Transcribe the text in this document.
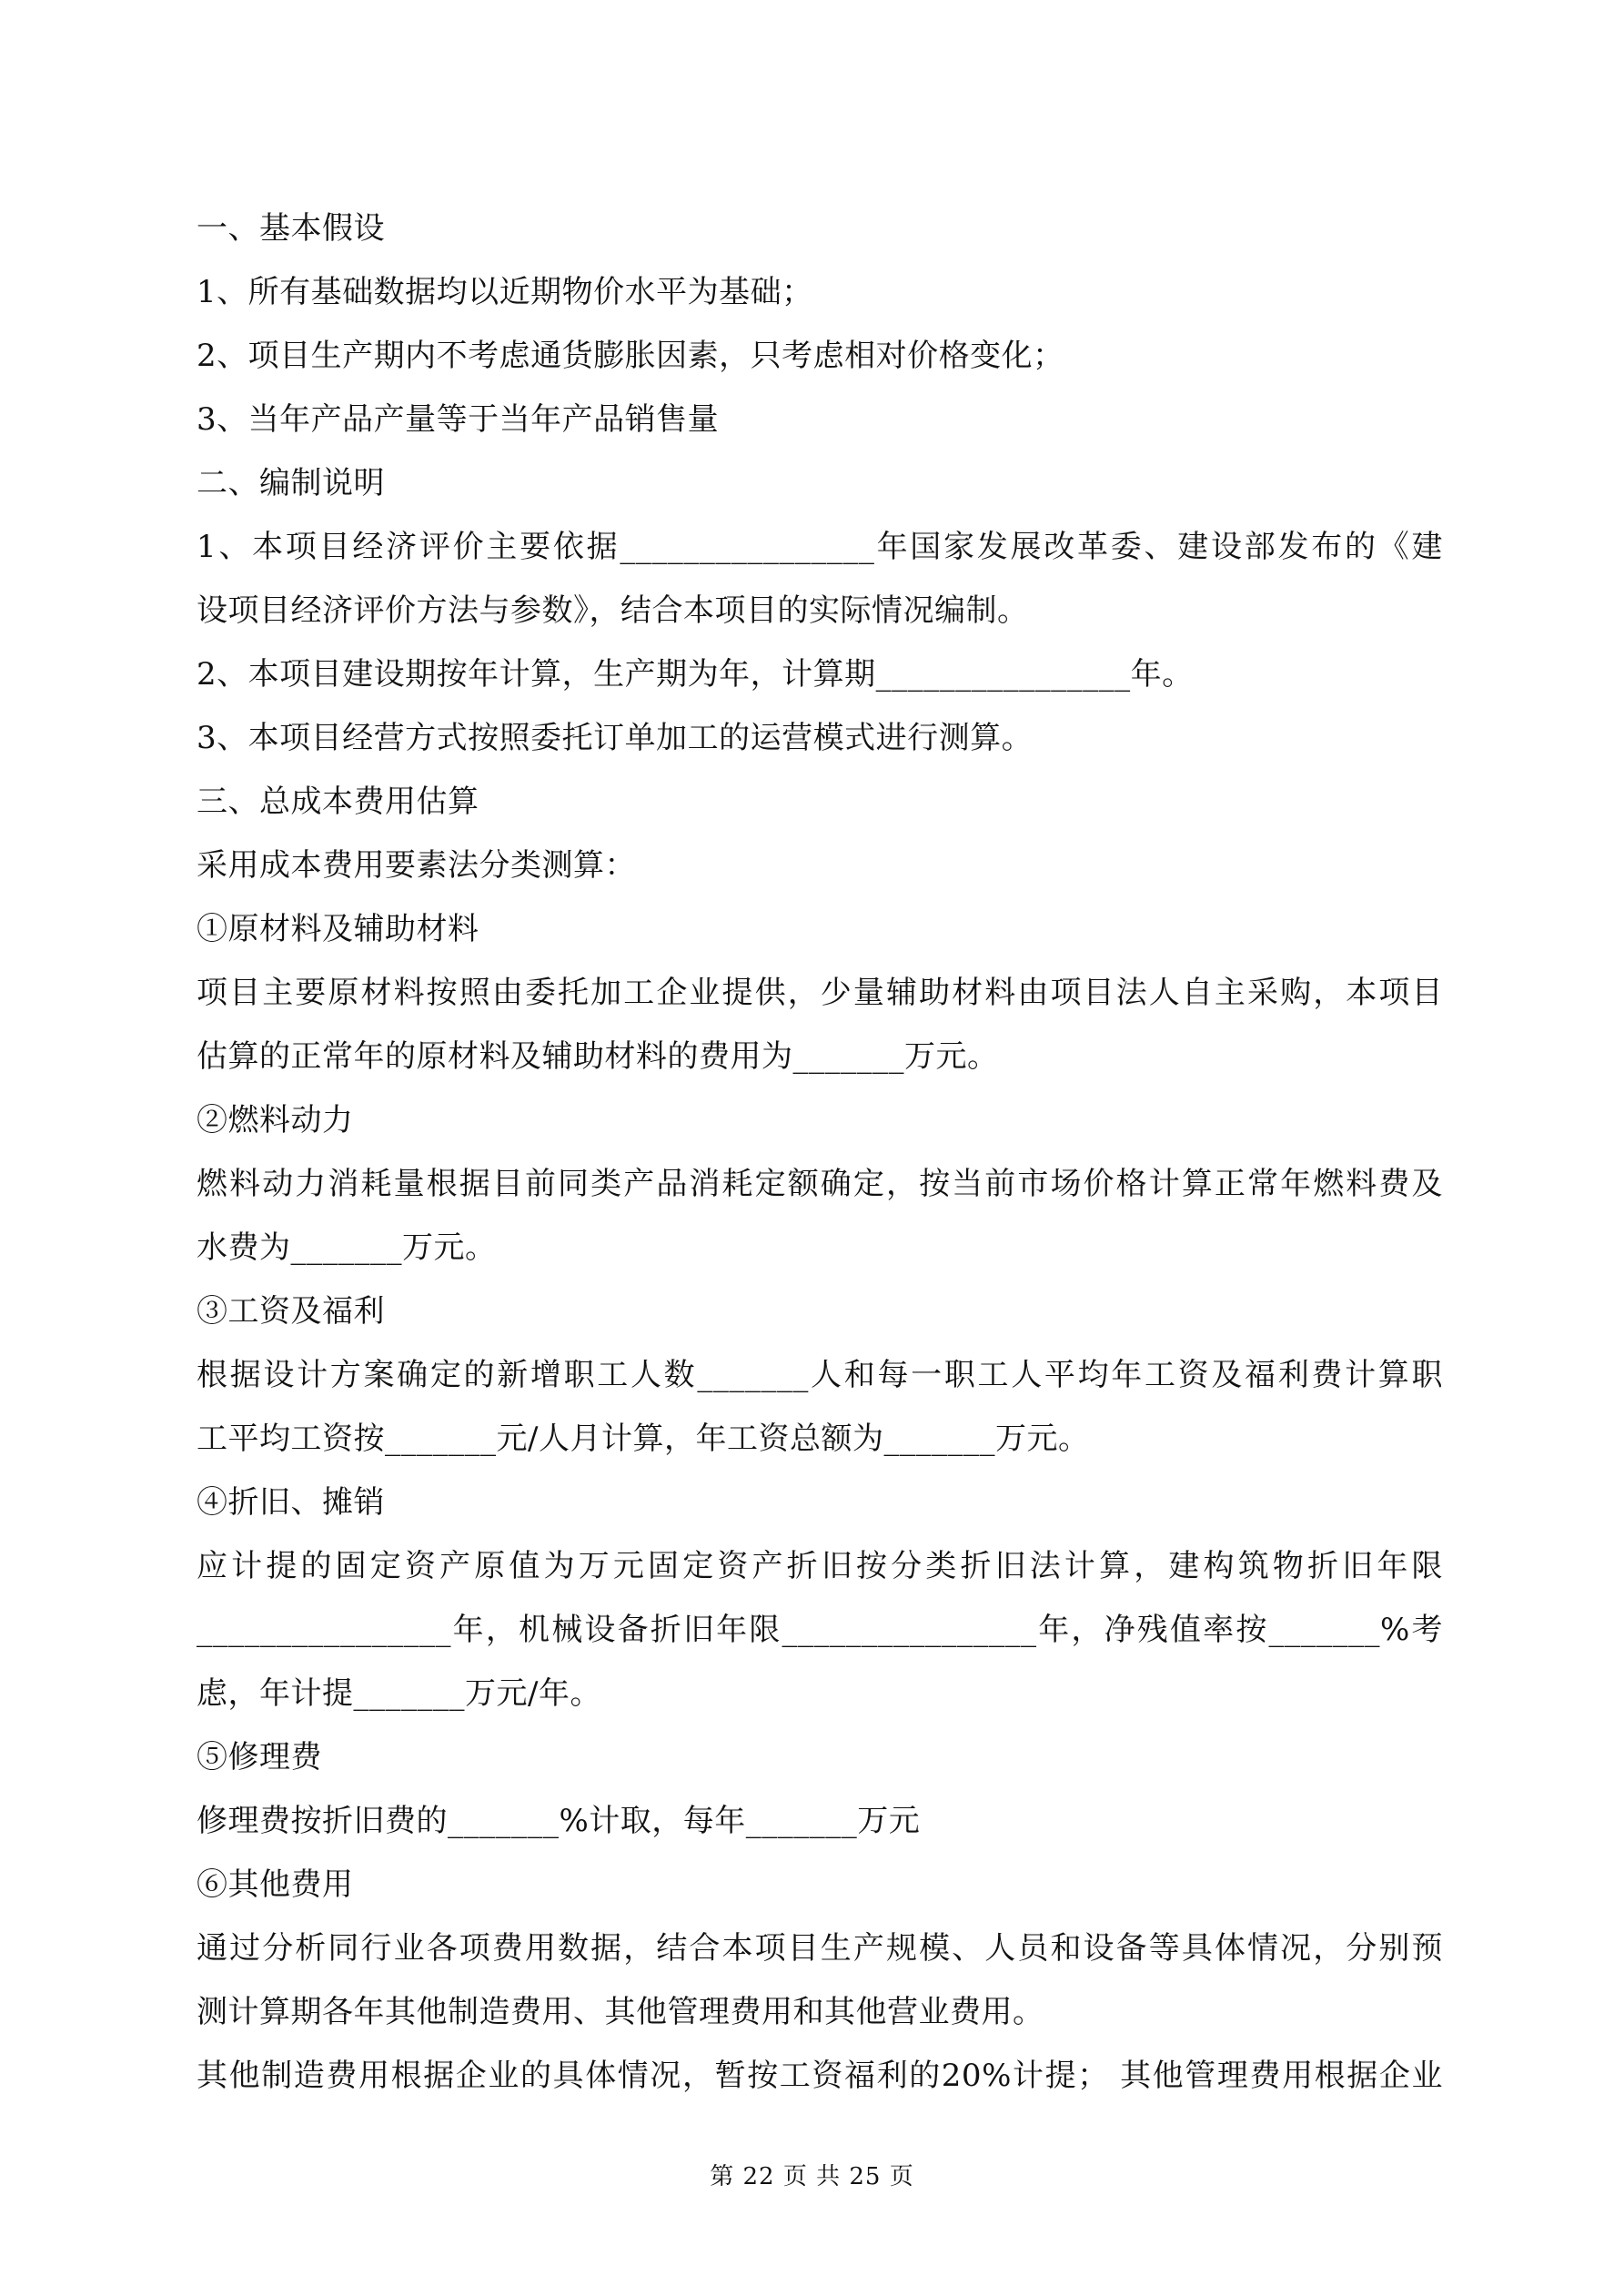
一、基本假设
1、所有基础数据均以近期物价水平为基础；
2、项目生产期内不考虑通货膨胀因素，只考虑相对价格变化；
3、当年产品产量等于当年产品销售量
二、编制说明
1、本项目经济评价主要依据________________年国家发展改革委、建设部发布的《建
设项目经济评价方法与参数》，结合本项目的实际情况编制。
2、本项目建设期按年计算，生产期为年，计算期________________年。
3、本项目经营方式按照委托订单加工的运营模式进行测算。
三、总成本费用估算
采用成本费用要素法分类测算：
①原材料及辅助材料
项目主要原材料按照由委托加工企业提供，少量辅助材料由项目法人自主采购，本项目
估算的正常年的原材料及辅助材料的费用为_______万元。
②燃料动力
燃料动力消耗量根据目前同类产品消耗定额确定，按当前市场价格计算正常年燃料费及
水费为_______万元。
③工资及福利
根据设计方案确定的新增职工人数_______人和每一职工人平均年工资及福利费计算职
工平均工资按_______元/人月计算，年工资总额为_______万元。
④折旧、摊销
应计提的固定资产原值为万元固定资产折旧按分类折旧法计算，建构筑物折旧年限
________________年，机械设备折旧年限________________年，净残值率按_______%考
虑，年计提_______万元/年。
⑤修理费
修理费按折旧费的_______%计取，每年_______万元
⑥其他费用
通过分析同行业各项费用数据，结合本项目生产规模、人员和设备等具体情况，分别预
测计算期各年其他制造费用、其他管理费用和其他营业费用。
其他制造费用根据企业的具体情况，暂按工资福利的20%计提； 其他管理费用根据企业
第 22 页 共 25 页
